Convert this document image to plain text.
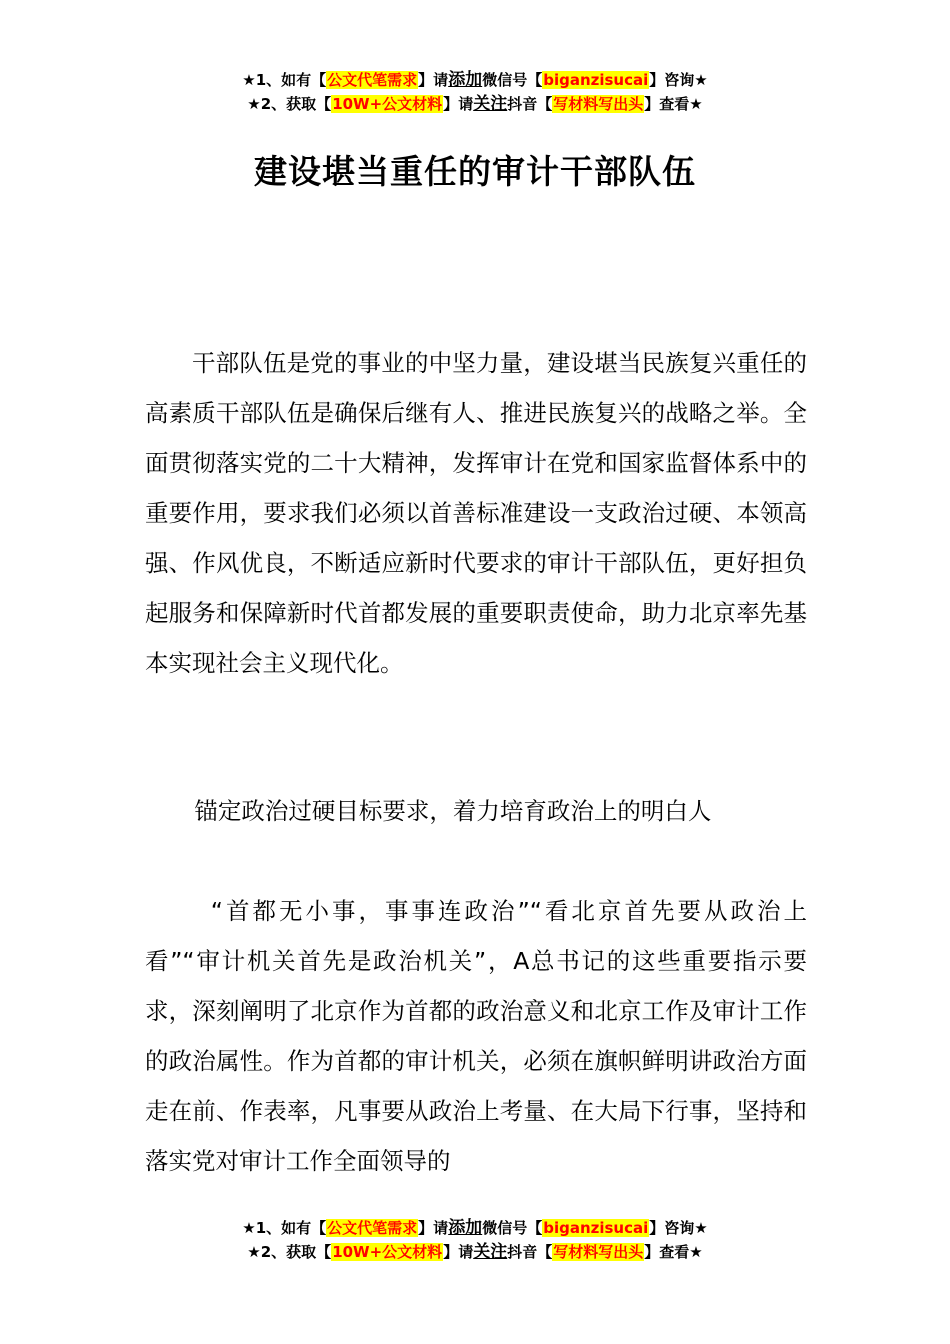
★1、如有【公文代笔需求】请添加微信号【biganzisucai】咨询★
★2、获取【10W+公文材料】请关注抖音【写材料写出头】查看★
建设堪当重任的审计干部队伍

干部队伍是党的事业的中坚力量，建设堪当民族复兴重任的高素质干部队伍是确保后继有人、推进民族复兴的战略之举。全面贯彻落实党的二十大精神，发挥审计在党和国家监督体系中的重要作用，要求我们必须以首善标准建设一支政治过硬、本领高强、作风优良，不断适应新时代要求的审计干部队伍，更好担负起服务和保障新时代首都发展的重要职责使命，助力北京率先基本实现社会主义现代化。

锚定政治过硬目标要求，着力培育政治上的明白人

“首都无小事，事事连政治”“看北京首先要从政治上看”“审计机关首先是政治机关”，A总书记的这些重要指示要求，深刻阐明了北京作为首都的政治意义和北京工作及审计工作的政治属性。作为首都的审计机关，必须在旗帜鲜明讲政治方面走在前、作表率，凡事要从政治上考量、在大局下行事，坚持和落实党对审计工作全面领导的

★1、如有【公文代笔需求】请添加微信号【biganzisucai】咨询★
★2、获取【10W+公文材料】请关注抖音【写材料写出头】查看★
